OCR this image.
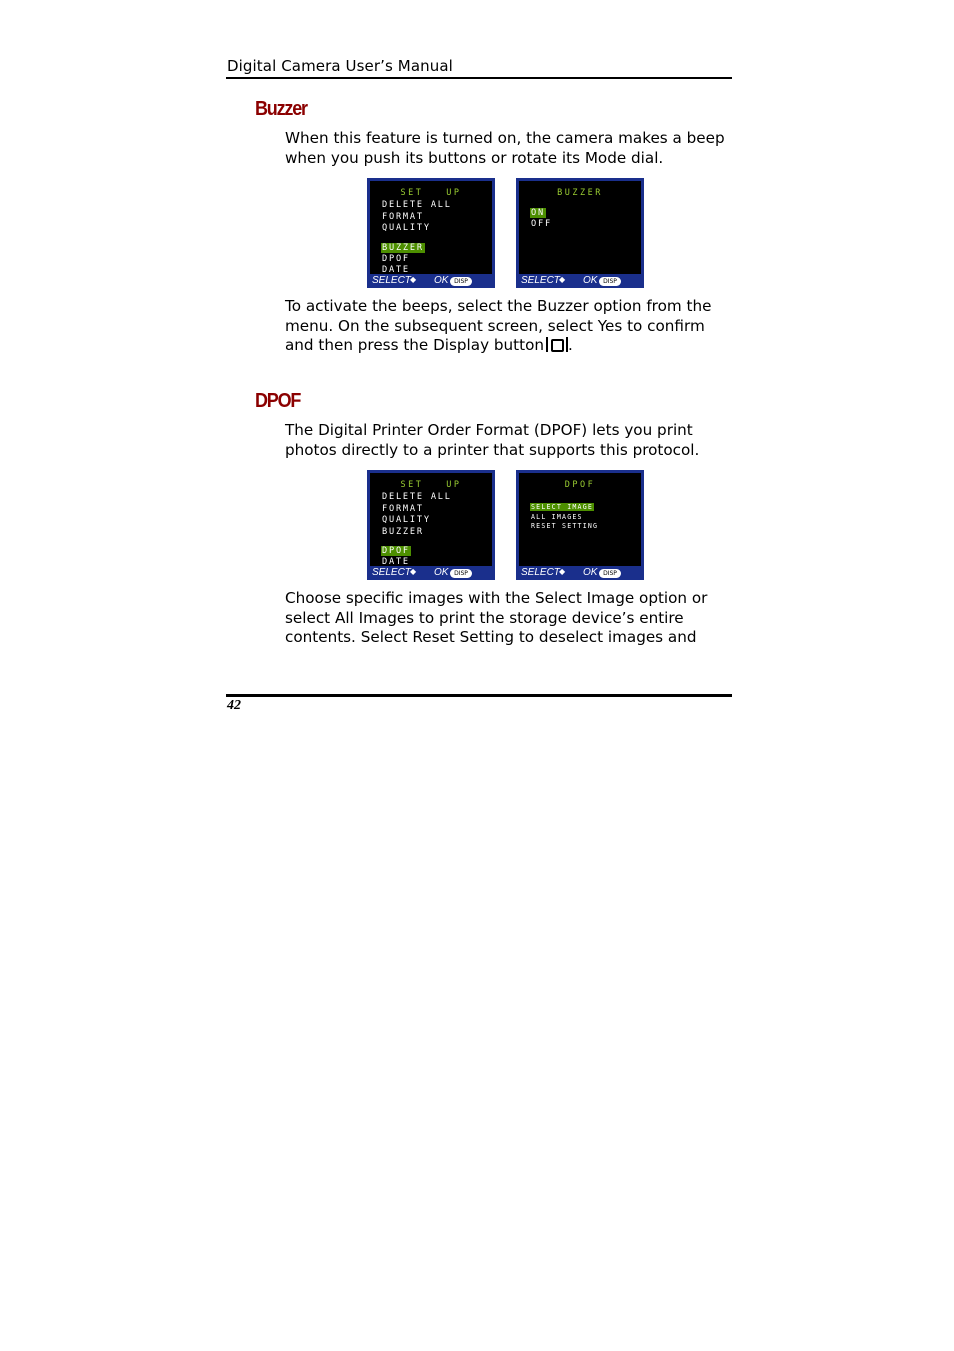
Digital Camera User’s Manual
Buzzer

When this feature is turned on, the camera makes a beep when you push its buttons or rotate its Mode dial.

SET   UP
DELETE ALL
FORMAT
QUALITY
BUZZER
DPOF
DATE
SELECT ◆ OK DISP
BUZZER
ON
OFF
SELECT ◆ OK DISP

To activate the beeps, select the Buzzer option from the menu. On the subsequent screen, select Yes to confirm and then press the Display button .

DPOF

The Digital Printer Order Format (DPOF) lets you print photos directly to a printer that supports this protocol.

SET   UP
DELETE ALL
FORMAT
QUALITY
BUZZER
DPOF
DATE
SELECT ◆ OK DISP
DPOF
SELECT IMAGE
ALL IMAGES
RESET SETTING
SELECT ◆ OK DISP

Choose specific images with the Select Image option or select All Images to print the storage device’s entire contents. Select Reset Setting to deselect images and

42
